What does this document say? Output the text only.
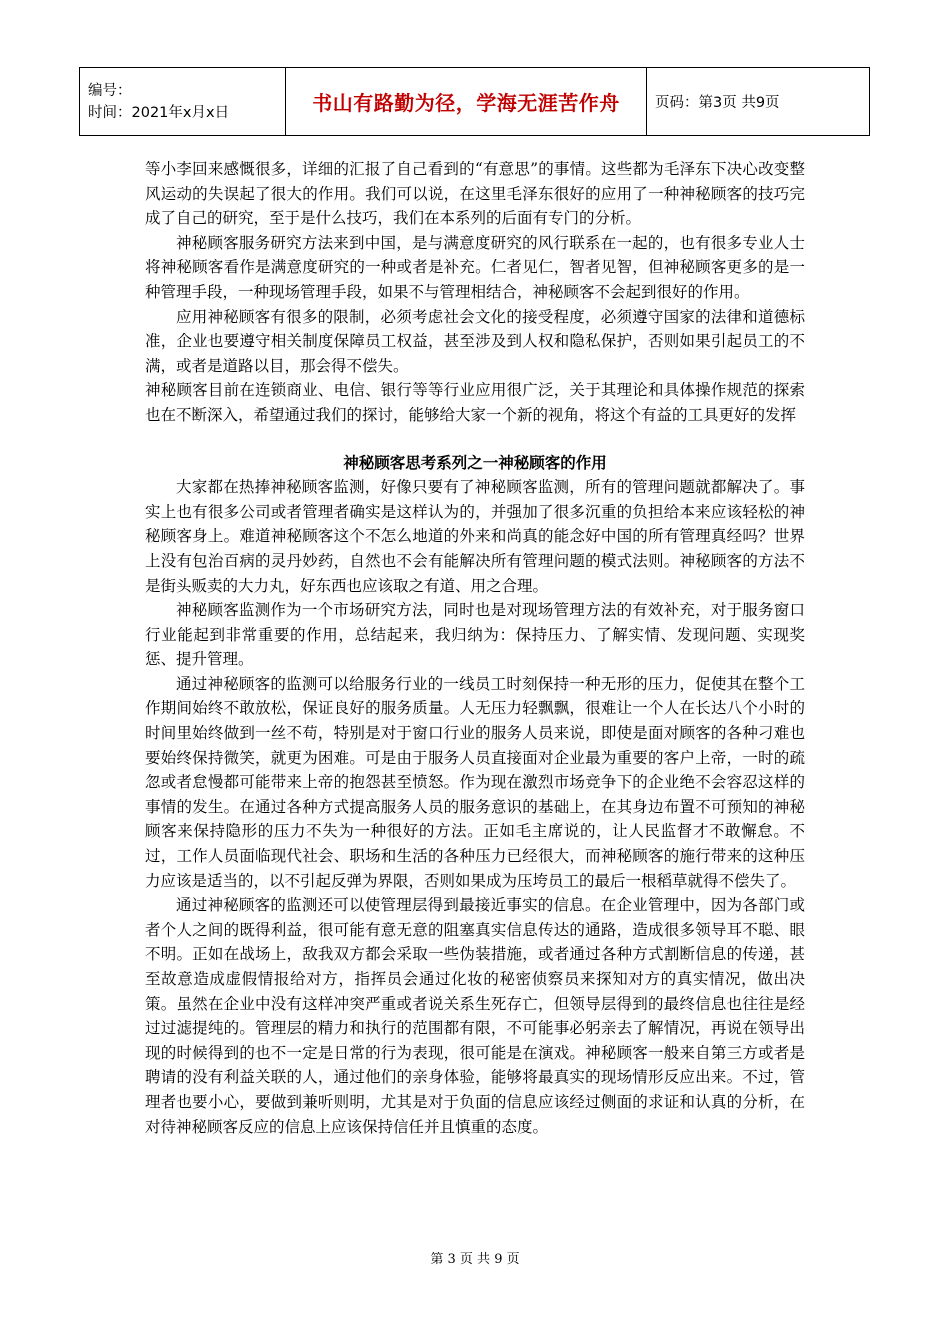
编号：
时间：2021年x月x日	书山有路勤为径，学海无涯苦作舟	页码：第3页 共9页

等小李回来感慨很多，详细的汇报了自己看到的“有意思”的事情。这些都为毛泽东下决心改变整风运动的失误起了很大的作用。我们可以说，在这里毛泽东很好的应用了一种神秘顾客的技巧完成了自己的研究，至于是什么技巧，我们在本系列的后面有专门的分析。

神秘顾客服务研究方法来到中国，是与满意度研究的风行联系在一起的，也有很多专业人士将神秘顾客看作是满意度研究的一种或者是补充。仁者见仁，智者见智，但神秘顾客更多的是一种管理手段，一种现场管理手段，如果不与管理相结合，神秘顾客不会起到很好的作用。

应用神秘顾客有很多的限制，必须考虑社会文化的接受程度，必须遵守国家的法律和道德标准，企业也要遵守相关制度保障员工权益，甚至涉及到人权和隐私保护，否则如果引起员工的不满，或者是道路以目，那会得不偿失。

神秘顾客目前在连锁商业、电信、银行等等行业应用很广泛，关于其理论和具体操作规范的探索也在不断深入，希望通过我们的探讨，能够给大家一个新的视角，将这个有益的工具更好的发挥

神秘顾客思考系列之一神秘顾客的作用

大家都在热捧神秘顾客监测，好像只要有了神秘顾客监测，所有的管理问题就都解决了。事实上也有很多公司或者管理者确实是这样认为的，并强加了很多沉重的负担给本来应该轻松的神秘顾客身上。难道神秘顾客这个不怎么地道的外来和尚真的能念好中国的所有管理真经吗？世界上没有包治百病的灵丹妙药，自然也不会有能解决所有管理问题的模式法则。神秘顾客的方法不是街头贩卖的大力丸，好东西也应该取之有道、用之合理。

神秘顾客监测作为一个市场研究方法，同时也是对现场管理方法的有效补充，对于服务窗口行业能起到非常重要的作用，总结起来，我归纳为：保持压力、了解实情、发现问题、实现奖惩、提升管理。

通过神秘顾客的监测可以给服务行业的一线员工时刻保持一种无形的压力，促使其在整个工作期间始终不敢放松，保证良好的服务质量。人无压力轻飘飘，很难让一个人在长达八个小时的时间里始终做到一丝不苟，特别是对于窗口行业的服务人员来说，即使是面对顾客的各种刁难也要始终保持微笑，就更为困难。可是由于服务人员直接面对企业最为重要的客户上帝，一时的疏忽或者怠慢都可能带来上帝的抱怨甚至愤怒。作为现在激烈市场竞争下的企业绝不会容忍这样的事情的发生。在通过各种方式提高服务人员的服务意识的基础上，在其身边布置不可预知的神秘顾客来保持隐形的压力不失为一种很好的方法。正如毛主席说的，让人民监督才不敢懈怠。不过，工作人员面临现代社会、职场和生活的各种压力已经很大，而神秘顾客的施行带来的这种压力应该是适当的，以不引起反弹为界限，否则如果成为压垮员工的最后一根稻草就得不偿失了。

通过神秘顾客的监测还可以使管理层得到最接近事实的信息。在企业管理中，因为各部门或者个人之间的既得利益，很可能有意无意的阻塞真实信息传达的通路，造成很多领导耳不聪、眼不明。正如在战场上，敌我双方都会采取一些伪装措施，或者通过各种方式割断信息的传递，甚至故意造成虚假情报给对方，指挥员会通过化妆的秘密侦察员来探知对方的真实情况，做出决策。虽然在企业中没有这样冲突严重或者说关系生死存亡，但领导层得到的最终信息也往往是经过过滤提纯的。管理层的精力和执行的范围都有限，不可能事必躬亲去了解情况，再说在领导出现的时候得到的也不一定是日常的行为表现，很可能是在演戏。神秘顾客一般来自第三方或者是聘请的没有利益关联的人，通过他们的亲身体验，能够将最真实的现场情形反应出来。不过，管理者也要小心，要做到兼听则明，尤其是对于负面的信息应该经过侧面的求证和认真的分析，在对待神秘顾客反应的信息上应该保持信任并且慎重的态度。

第 3 页 共 9 页
